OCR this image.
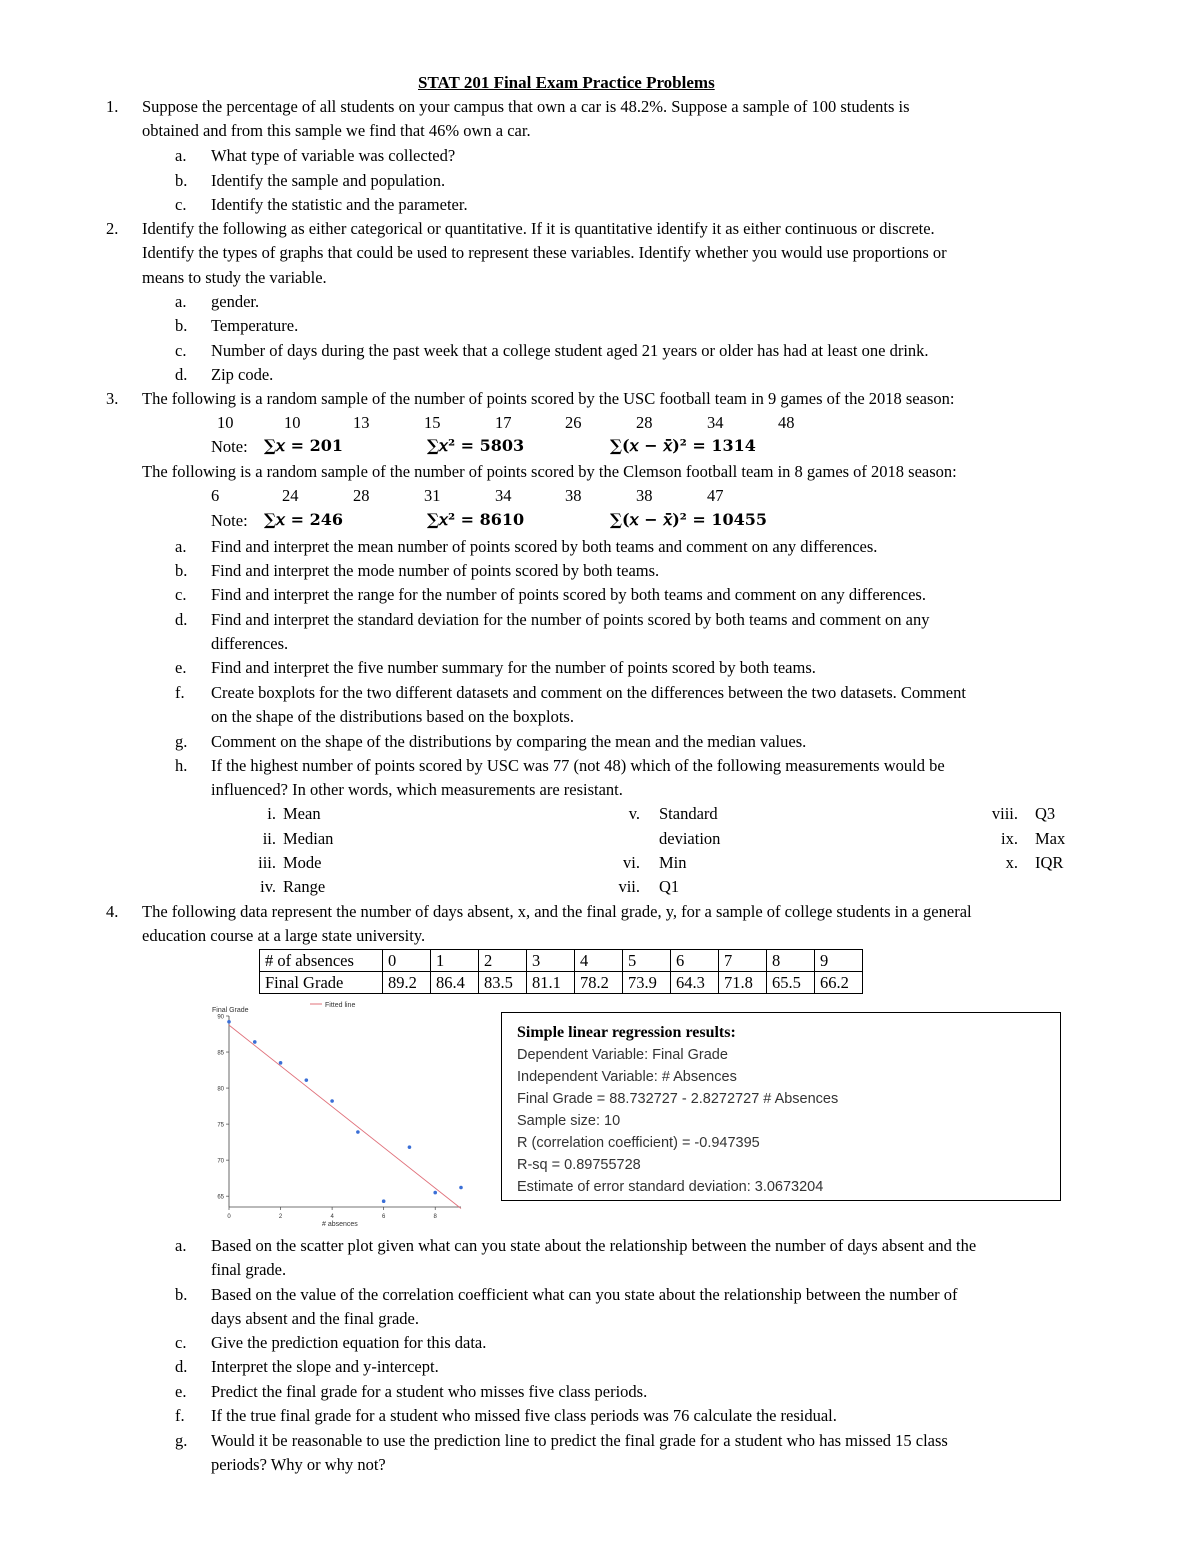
STAT 201 Final Exam Practice Problems
1. Suppose the percentage of all students on your campus that own a car is 48.2%. Suppose a sample of 100 students is
obtained and from this sample we find that 46% own a car.
a. What type of variable was collected?
b. Identify the sample and population.
c. Identify the statistic and the parameter.
2. Identify the following as either categorical or quantitative. If it is quantitative identify it as either continuous or discrete.
Identify the types of graphs that could be used to represent these variables. Identify whether you would use proportions or
means to study the variable.
a. gender.
b. Temperature.
c. Number of days during the past week that a college student aged 21 years or older has had at least one drink.
d. Zip code.
3. The following is a random sample of the number of points scored by the USC football team in 9 games of the 2018 season:
10	10	13	15	17	26	28	34	48
Note: ∑𝑥 = 201	∑𝑥² = 5803	∑(𝑥 − 𝑥̄)² = 1314
The following is a random sample of the number of points scored by the Clemson football team in 8 games of 2018 season:
6	24	28	31	34	38	38	47
Note: ∑𝑥 = 246	∑𝑥² = 8610	∑(𝑥 − 𝑥̄)² = 10455
a. Find and interpret the mean number of points scored by both teams and comment on any differences.
b. Find and interpret the mode number of points scored by both teams.
c. Find and interpret the range for the number of points scored by both teams and comment on any differences.
d. Find and interpret the standard deviation for the number of points scored by both teams and comment on any
differences.
e. Find and interpret the five number summary for the number of points scored by both teams.
f. Create boxplots for the two different datasets and comment on the differences between the two datasets. Comment
on the shape of the distributions based on the boxplots.
g. Comment on the shape of the distributions by comparing the mean and the median values.
h. If the highest number of points scored by USC was 77 (not 48) which of the following measurements would be
influenced? In other words, which measurements are resistant.
i. Mean
ii. Median
iii. Mode
iv. Range
v. Standard
deviation
vi. Min
vii. Q1
viii. Q3
ix. Max
x. IQR
4. The following data represent the number of days absent, x, and the final grade, y, for a sample of college students in a general
education course at a large state university.
# of absences	0	1	2	3	4	5	6	7	8	9
Final Grade	89.2	86.4	83.5	81.1	78.2	73.9	64.3	71.8	65.5	66.2
Final Grade
Fitted line
90
85
80
75
70
65
0	2	4	6	8
# absences
Simple linear regression results:
Dependent Variable: Final Grade
Independent Variable: # Absences
Final Grade = 88.732727 - 2.8272727 # Absences
Sample size: 10
R (correlation coefficient) = -0.947395
R-sq = 0.89755728
Estimate of error standard deviation: 3.0673204
a. Based on the scatter plot given what can you state about the relationship between the number of days absent and the
final grade.
b. Based on the value of the correlation coefficient what can you state about the relationship between the number of
days absent and the final grade.
c. Give the prediction equation for this data.
d. Interpret the slope and y-intercept.
e. Predict the final grade for a student who misses five class periods.
f. If the true final grade for a student who missed five class periods was 76 calculate the residual.
g. Would it be reasonable to use the prediction line to predict the final grade for a student who has missed 15 class
periods? Why or why not?
